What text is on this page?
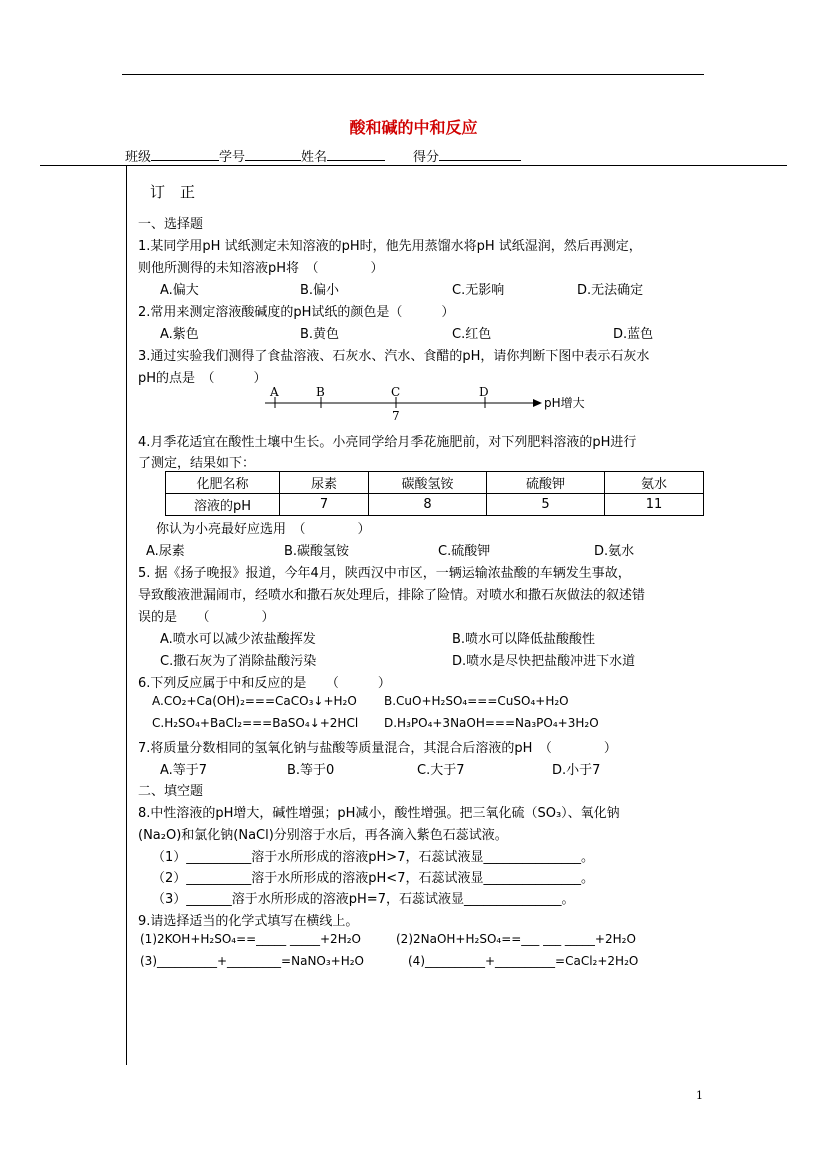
酸和碱的中和反应
班级	学号	姓名	得分
订　正
一、选择题
1.某同学用pH 试纸测定未知溶液的pH时，他先用蒸馏水将pH 试纸湿润，然后再测定，
则他所测得的未知溶液pH将　（　　　　）
A.偏大	B.偏小	C.无影响	D.无法确定
2.常用来测定溶液酸碱度的pH试纸的颜色是（　　　）
A.紫色	B.黄色	C.红色	D.蓝色
3.通过实验我们测得了食盐溶液、石灰水、汽水、食醋的pH，请你判断下图中表示石灰水
pH的点是　（　　　）
A	B	C	D
7
pH增大
4.月季花适宜在酸性土壤中生长。小亮同学给月季花施肥前，对下列肥料溶液的pH进行
了测定，结果如下：
化肥名称	尿素	碳酸氢铵	硫酸钾	氨水
溶液的pH	7	8	5	11
你认为小亮最好应选用　（　　　　）
A.尿素	B.碳酸氢铵	C.硫酸钾	D.氨水
5. 据《扬子晚报》报道，今年4月，陕西汉中市区，一辆运输浓盐酸的车辆发生事故，
导致酸液泄漏闹市，经喷水和撒石灰处理后，排除了险情。对喷水和撒石灰做法的叙述错
误的是　　（　　　　）
A.喷水可以减少浓盐酸挥发	B.喷水可以降低盐酸酸性
C.撒石灰为了消除盐酸污染	D.喷水是尽快把盐酸冲进下水道
6.下列反应属于中和反应的是　　（　　　）
A.CO₂+Ca(OH)₂===CaCO₃↓+H₂O B.CuO+H₂SO₄===CuSO₄+H₂O
C.H₂SO₄+BaCl₂===BaSO₄↓+2HCl D.H₃PO₄+3NaOH===Na₃PO₄+3H₂O
7.将质量分数相同的氢氧化钠与盐酸等质量混合，其混合后溶液的pH　（　　　　）
A.等于7	B.等于0	C.大于7	D.小于7
二、填空题
8.中性溶液的pH增大，碱性增强；pH减小，酸性增强。把三氧化硫（SO₃）、氧化钠
(Na₂O)和氯化钠(NaCl)分别溶于水后，再各滴入紫色石蕊试液。
（1）__________溶于水所形成的溶液pH>7，石蕊试液显_______________。
（2）__________溶于水所形成的溶液pH<7，石蕊试液显_______________。
（3）_______溶于水所形成的溶液pH=7，石蕊试液显_______________。
9.请选择适当的化学式填写在横线上。
(1)2KOH+H₂SO₄==_____ _____+2H₂O	(2)2NaOH+H₂SO₄==___ ___ _____+2H₂O
(3)__________+_________=NaNO₃+H₂O	(4)__________+__________=CaCl₂+2H₂O
1
